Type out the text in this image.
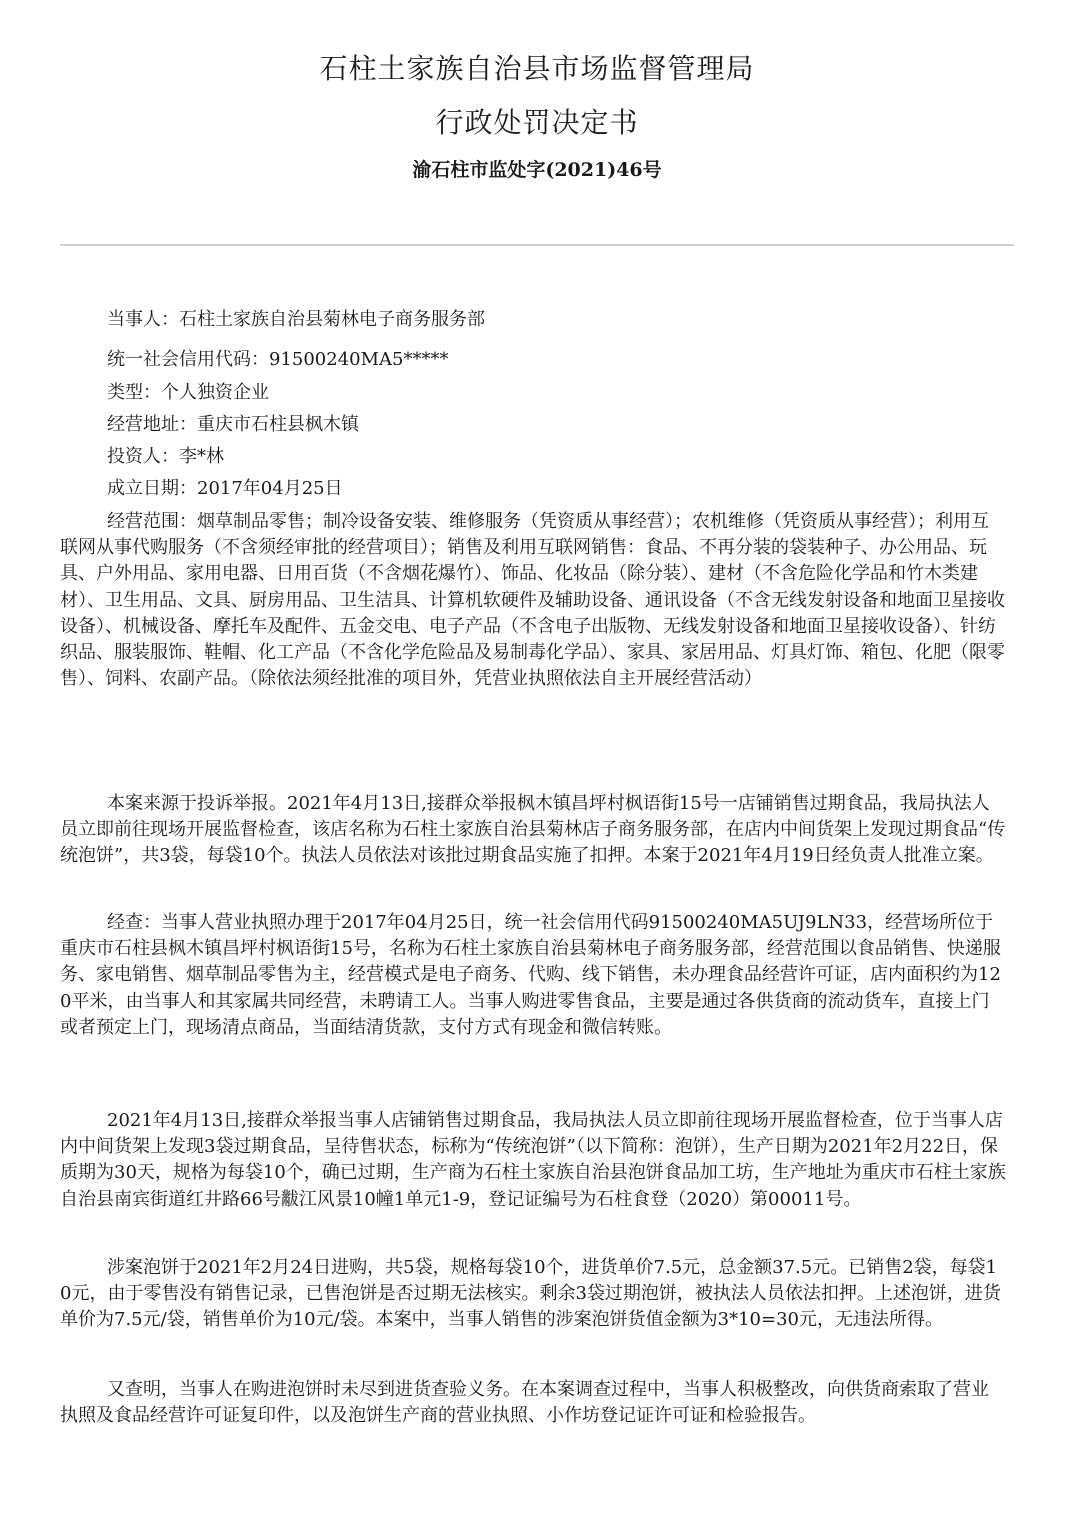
石柱土家族自治县市场监督管理局
行政处罚决定书
渝石柱市监处字(2021)46号
当事人：石柱土家族自治县菊林电子商务服务部
统一社会信用代码：91500240MA5*****
类型：个人独资企业
经营地址：重庆市石柱县枫木镇
投资人：李*林
成立日期：2017年04月25日

经营范围：烟草制品零售；制冷设备安装、维修服务（凭资质从事经营）；农机维修（凭资质从事经营）；利用互联网从事代购服务（不含须经审批的经营项目）；销售及利用互联网销售：食品、不再分装的袋装种子、办公用品、玩具、户外用品、家用电器、日用百货（不含烟花爆竹）、饰品、化妆品（除分装）、建材（不含危险化学品和竹木类建材）、卫生用品、文具、厨房用品、卫生洁具、计算机软硬件及辅助设备、通讯设备（不含无线发射设备和地面卫星接收设备）、机械设备、摩托车及配件、五金交电、电子产品（不含电子出版物、无线发射设备和地面卫星接收设备）、针纺织品、服装服饰、鞋帽、化工产品（不含化学危险品及易制毒化学品）、家具、家居用品、灯具灯饰、箱包、化肥（限零售）、饲料、农副产品。（除依法须经批准的项目外，凭营业执照依法自主开展经营活动）

本案来源于投诉举报。2021年4月13日,接群众举报枫木镇昌坪村枫语街15号一店铺销售过期食品，我局执法人员立即前往现场开展监督检查，该店名称为石柱土家族自治县菊林店子商务服务部，在店内中间货架上发现过期食品“传统泡饼”，共3袋，每袋10个。执法人员依法对该批过期食品实施了扣押。本案于2021年4月19日经负责人批准立案。

经查：当事人营业执照办理于2017年04月25日，统一社会信用代码91500240MA5UJ9LN33，经营场所位于重庆市石柱县枫木镇昌坪村枫语街15号，名称为石柱土家族自治县菊林电子商务服务部，经营范围以食品销售、快递服务、家电销售、烟草制品零售为主，经营模式是电子商务、代购、线下销售，未办理食品经营许可证，店内面积约为120平米，由当事人和其家属共同经营，未聘请工人。当事人购进零售食品，主要是通过各供货商的流动货车，直接上门或者预定上门，现场清点商品，当面结清货款，支付方式有现金和微信转账。

2021年4月13日,接群众举报当事人店铺销售过期食品，我局执法人员立即前往现场开展监督检查，位于当事人店内中间货架上发现3袋过期食品，呈待售状态，标称为“传统泡饼”（以下简称：泡饼），生产日期为2021年2月22日，保质期为30天，规格为每袋10个，确已过期，生产商为石柱土家族自治县泡饼食品加工坊，生产地址为重庆市石柱土家族自治县南宾街道红井路66号黻江风景10幢1单元1-9，登记证编号为石柱食登（2020）第00011号。

涉案泡饼于2021年2月24日进购，共5袋，规格每袋10个，进货单价7.5元，总金额37.5元。已销售2袋，每袋10元，由于零售没有销售记录，已售泡饼是否过期无法核实。剩余3袋过期泡饼，被执法人员依法扣押。上述泡饼，进货单价为7.5元/袋，销售单价为10元/袋。本案中，当事人销售的涉案泡饼货值金额为3*10=30元，无违法所得。

又查明，当事人在购进泡饼时未尽到进货查验义务。在本案调查过程中，当事人积极整改，向供货商索取了营业执照及食品经营许可证复印件，以及泡饼生产商的营业执照、小作坊登记证许可证和检验报告。
